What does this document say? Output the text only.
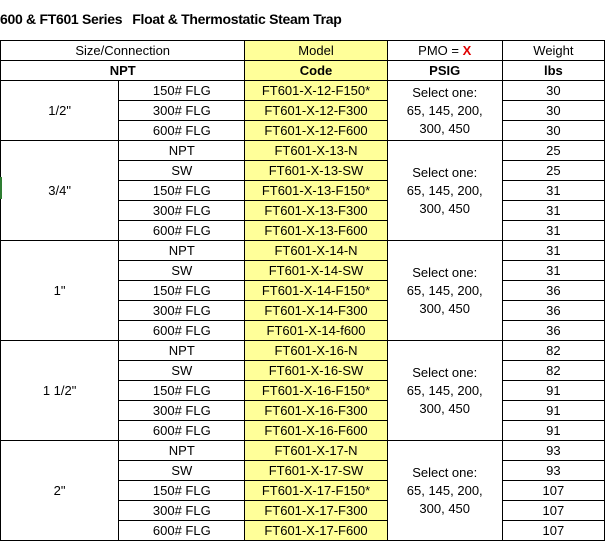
600 & FT601 Series Float & Thermostatic Steam Trap
Size/Connection		Model	PMO = X	Weight
NPT		Code	PSIG	lbs
1/2"	150# FLG	FT601-X-12-F150*	Select one:
65, 145, 200,
300, 450	30
	300# FLG	FT601-X-12-F300		30
	600# FLG	FT601-X-12-F600		30
3/4"	NPT	FT601-X-13-N	Select one:
65, 145, 200,
300, 450	25
	SW	FT601-X-13-SW		25
	150# FLG	FT601-X-13-F150*		31
	300# FLG	FT601-X-13-F300		31
	600# FLG	FT601-X-13-F600		31
1"	NPT	FT601-X-14-N	Select one:
65, 145, 200,
300, 450	31
	SW	FT601-X-14-SW		31
	150# FLG	FT601-X-14-F150*		36
	300# FLG	FT601-X-14-F300		36
	600# FLG	FT601-X-14-f600		36
1 1/2"	NPT	FT601-X-16-N	Select one:
65, 145, 200,
300, 450	82
	SW	FT601-X-16-SW		82
	150# FLG	FT601-X-16-F150*		91
	300# FLG	FT601-X-16-F300		91
	600# FLG	FT601-X-16-F600		91
2"	NPT	FT601-X-17-N	Select one:
65, 145, 200,
300, 450	93
	SW	FT601-X-17-SW		93
	150# FLG	FT601-X-17-F150*		107
	300# FLG	FT601-X-17-F300		107
	600# FLG	FT601-X-17-F600		107
